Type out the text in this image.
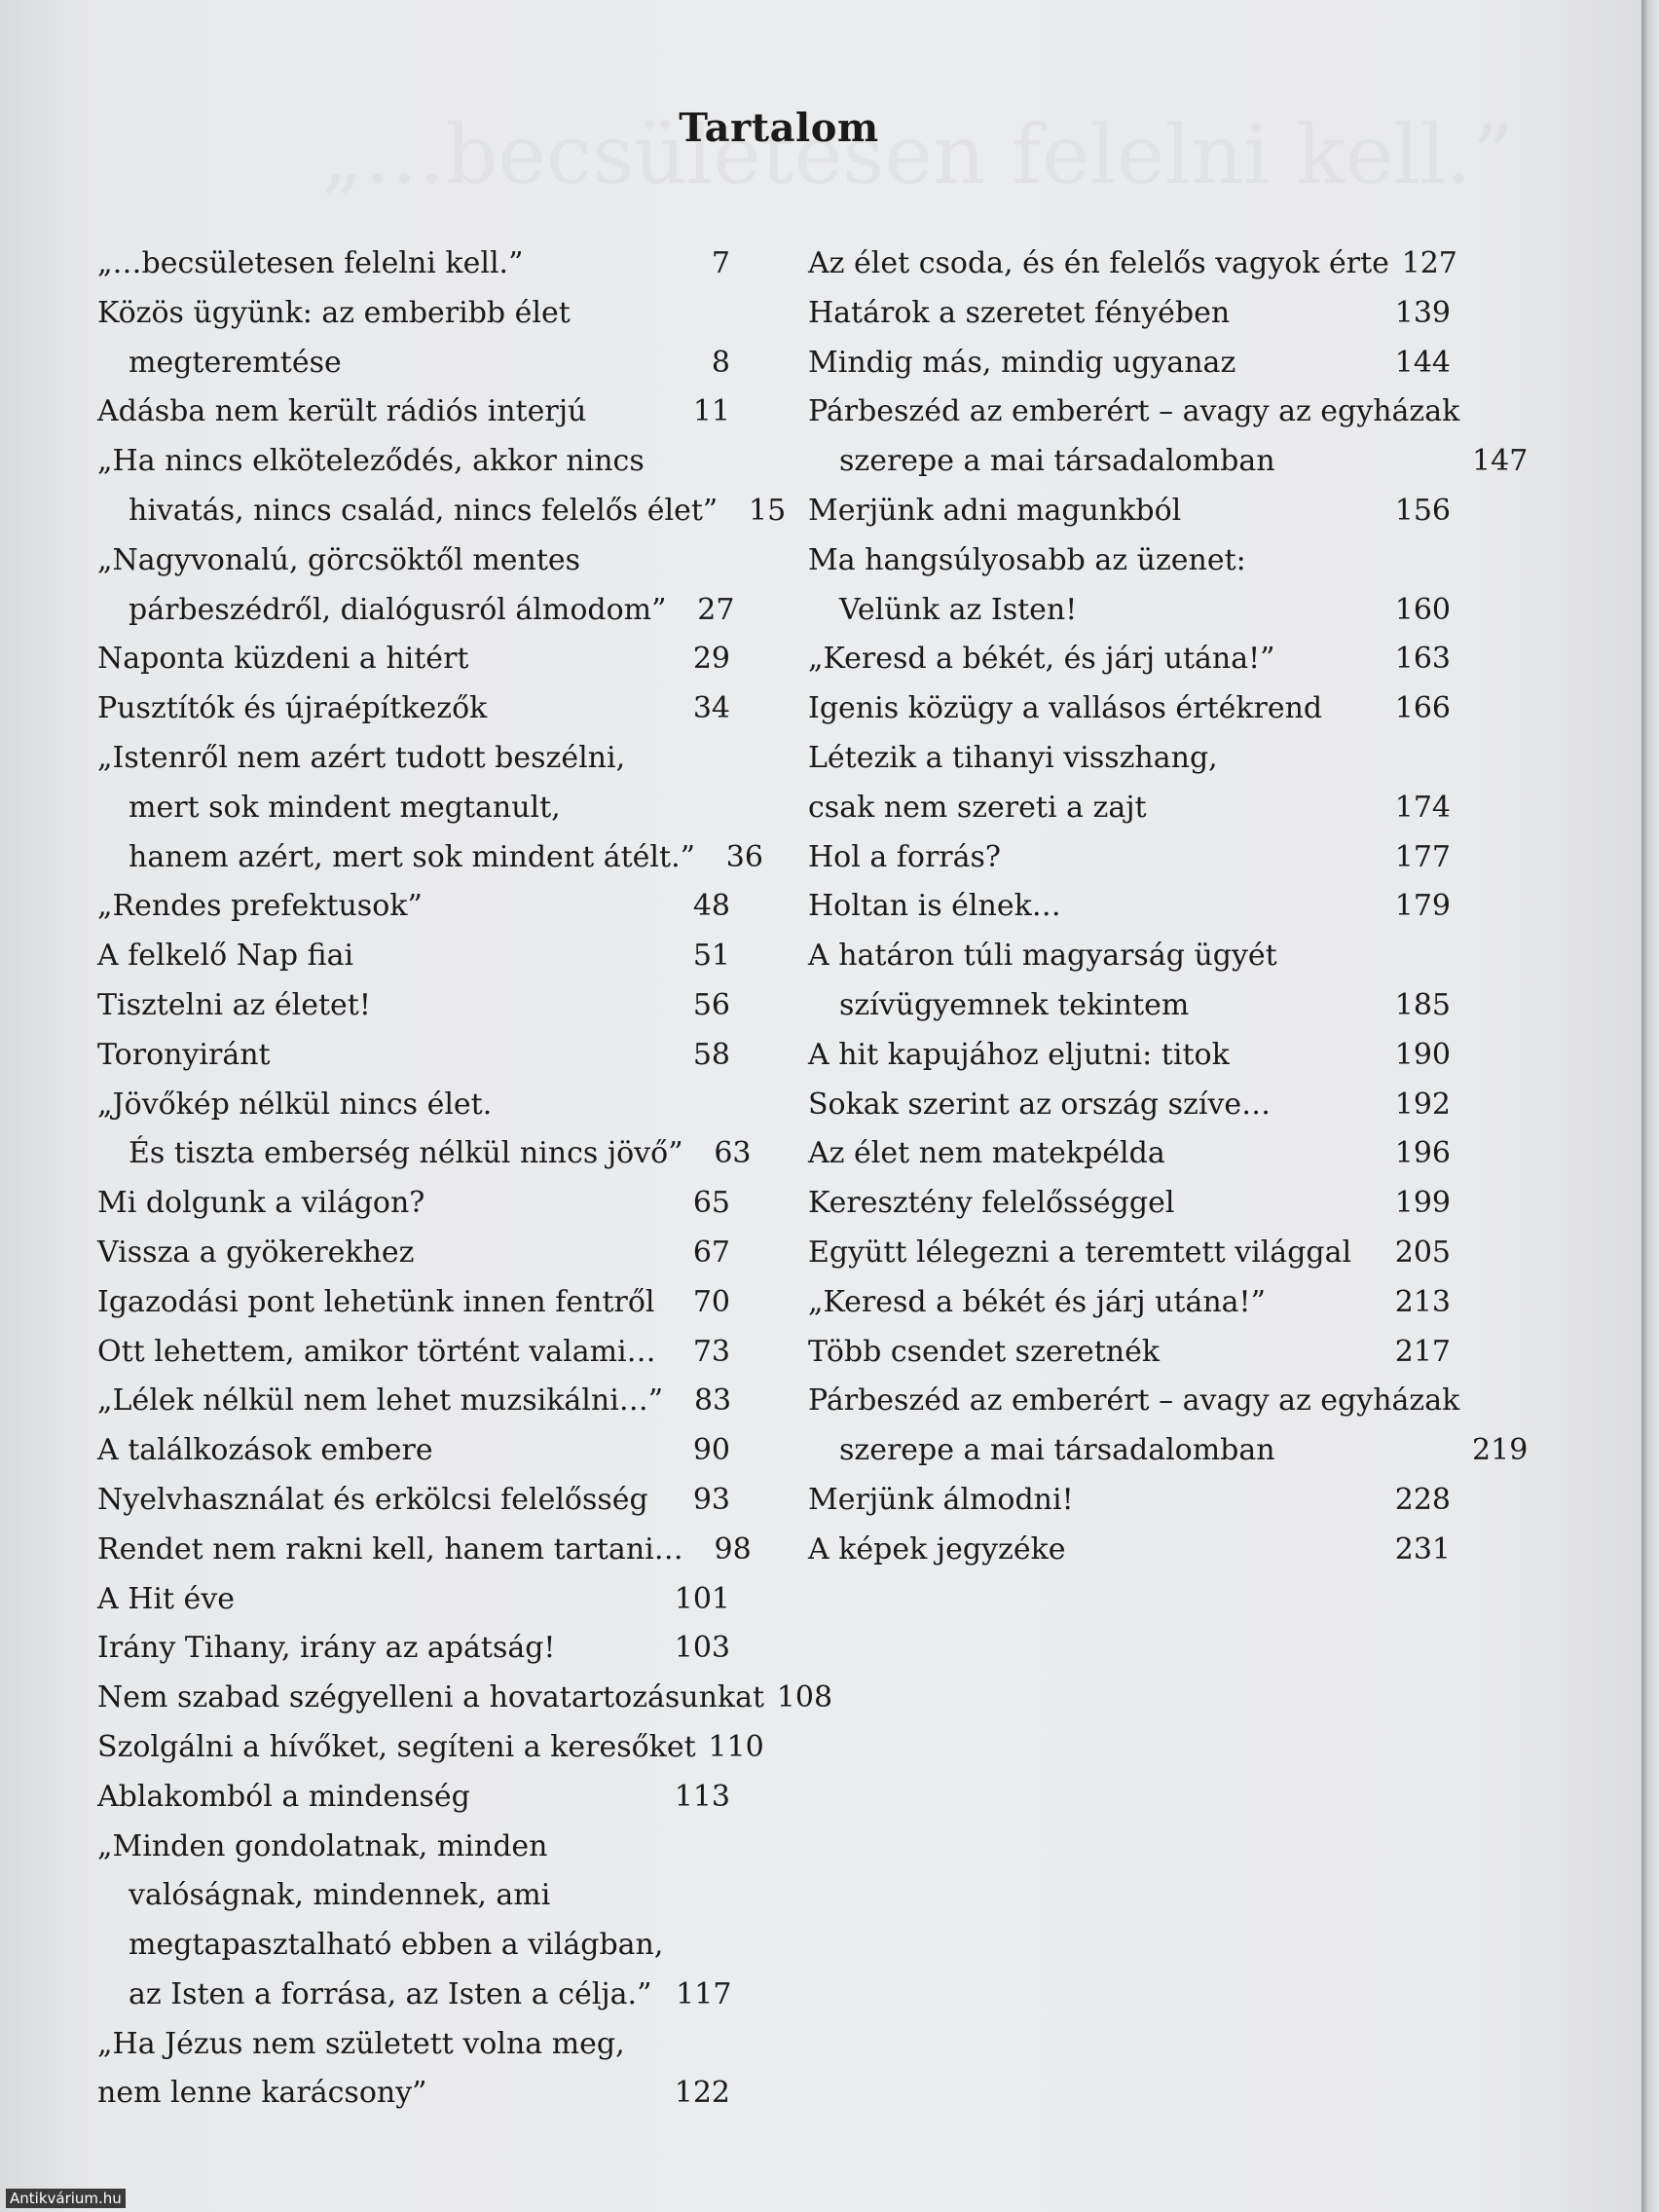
Tartalom
„…becsületesen felelni kell.”	7
Közös ügyünk: az emberibb élet
megteremtése	8
Adásba nem került rádiós interjú	11
„Ha nincs elköteleződés, akkor nincs
hivatás, nincs család, nincs felelős élet”	15
„Nagyvonalú, görcsöktől mentes
párbeszédről, dialógusról álmodom”	27
Naponta küzdeni a hitért	29
Pusztítók és újraépítkezők	34
„Istenről nem azért tudott beszélni,
mert sok mindent megtanult,
hanem azért, mert sok mindent átélt.”	36
„Rendes prefektusok”	48
A felkelő Nap fiai	51
Tisztelni az életet!	56
Toronyiránt	58
„Jövőkép nélkül nincs élet.
És tiszta emberség nélkül nincs jövő”	63
Mi dolgunk a világon?	65
Vissza a gyökerekhez	67
Igazodási pont lehetünk innen fentről	70
Ott lehettem, amikor történt valami…	73
„Lélek nélkül nem lehet muzsikálni…”	83
A találkozások embere	90
Nyelvhasználat és erkölcsi felelősség	93
Rendet nem rakni kell, hanem tartani…	98
A Hit éve	101
Irány Tihany, irány az apátság!	103
Nem szabad szégyelleni a hovatartozásunkat 108
Szolgálni a hívőket, segíteni a keresőket 110
Ablakomból a mindenség	113
„Minden gondolatnak, minden
valóságnak, mindennek, ami
megtapasztalható ebben a világban,
az Isten a forrása, az Isten a célja.” 117
„Ha Jézus nem született volna meg,
nem lenne karácsony”	122
Az élet csoda, és én felelős vagyok érte 127
Határok a szeretet fényében	139
Mindig más, mindig ugyanaz	144
Párbeszéd az emberért – avagy az egyházak
szerepe a mai társadalomban	147
Merjünk adni magunkból	156
Ma hangsúlyosabb az üzenet:
Velünk az Isten!	160
„Keresd a békét, és járj utána!”	163
Igenis közügy a vallásos értékrend	166
Létezik a tihanyi visszhang,
csak nem szereti a zajt	174
Hol a forrás?	177
Holtan is élnek…	179
A határon túli magyarság ügyét
szívügyemnek tekintem	185
A hit kapujához eljutni: titok	190
Sokak szerint az ország szíve…	192
Az élet nem matekpélda	196
Keresztény felelősséggel	199
Együtt lélegezni a teremtett világgal	205
„Keresd a békét és járj utána!”	213
Több csendet szeretnék	217
Párbeszéd az emberért – avagy az egyházak
szerepe a mai társadalomban	219
Merjünk álmodni!	228
A képek jegyzéke	231
Antikvárium.hu
